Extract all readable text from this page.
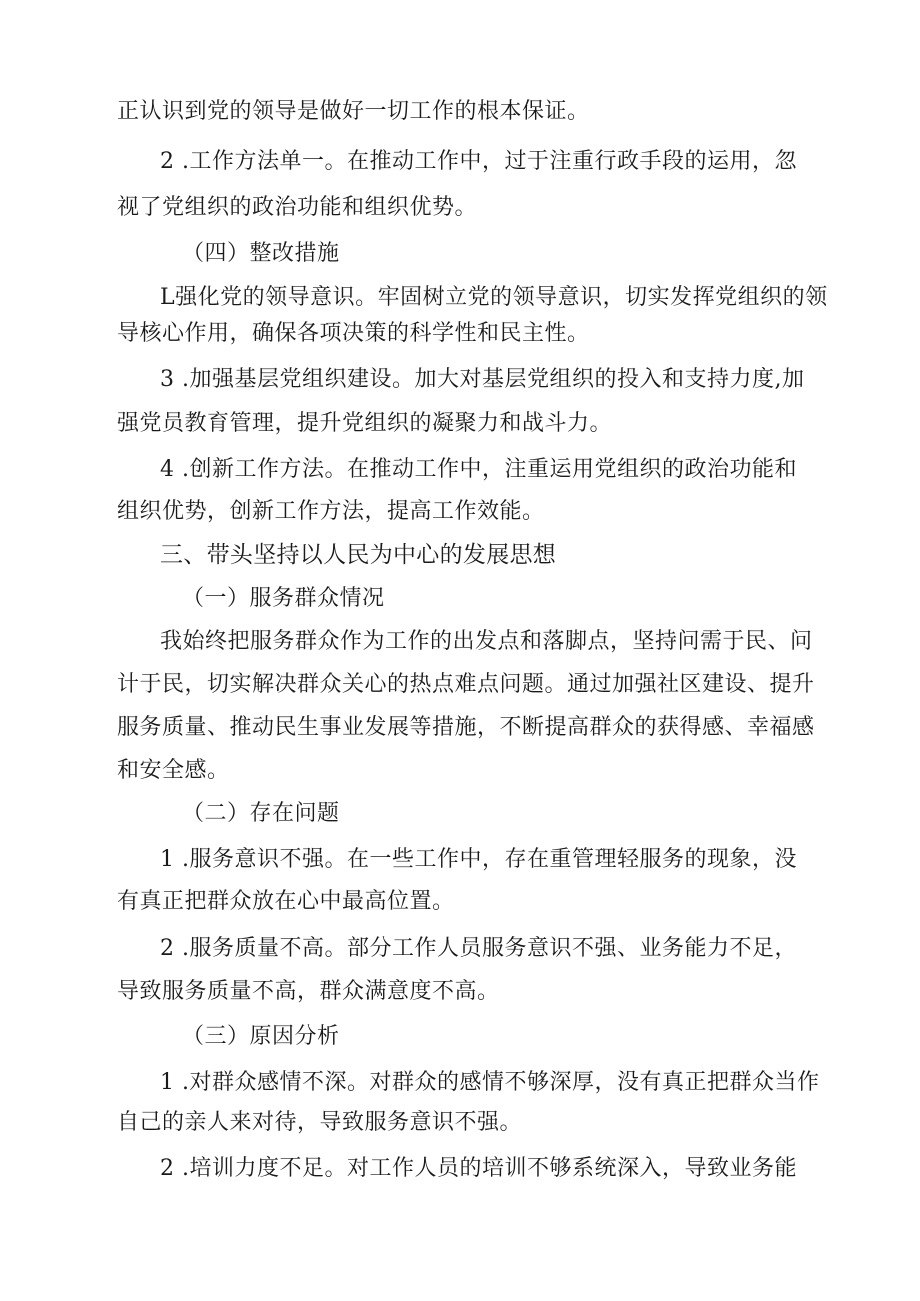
正认识到党的领导是做好一切工作的根本保证。
2 .工作方法单一。在推动工作中，过于注重行政手段的运用，忽
视了党组织的政治功能和组织优势。
（四）整改措施
L强化党的领导意识。牢固树立党的领导意识，切实发挥党组织的领
导核心作用，确保各项决策的科学性和民主性。
3 .加强基层党组织建设。加大对基层党组织的投入和支持力度,加
强党员教育管理，提升党组织的凝聚力和战斗力。
4 .创新工作方法。在推动工作中，注重运用党组织的政治功能和
组织优势，创新工作方法，提高工作效能。
三、带头坚持以人民为中心的发展思想
（一）服务群众情况
我始终把服务群众作为工作的出发点和落脚点，坚持问需于民、问
计于民，切实解决群众关心的热点难点问题。通过加强社区建设、提升
服务质量、推动民生事业发展等措施，不断提高群众的获得感、幸福感
和安全感。
（二）存在问题
1 .服务意识不强。在一些工作中，存在重管理轻服务的现象，没
有真正把群众放在心中最高位置。
2 .服务质量不高。部分工作人员服务意识不强、业务能力不足，
导致服务质量不高，群众满意度不高。
（三）原因分析
1 .对群众感情不深。对群众的感情不够深厚，没有真正把群众当作
自己的亲人来对待，导致服务意识不强。
2 .培训力度不足。对工作人员的培训不够系统深入，导致业务能
